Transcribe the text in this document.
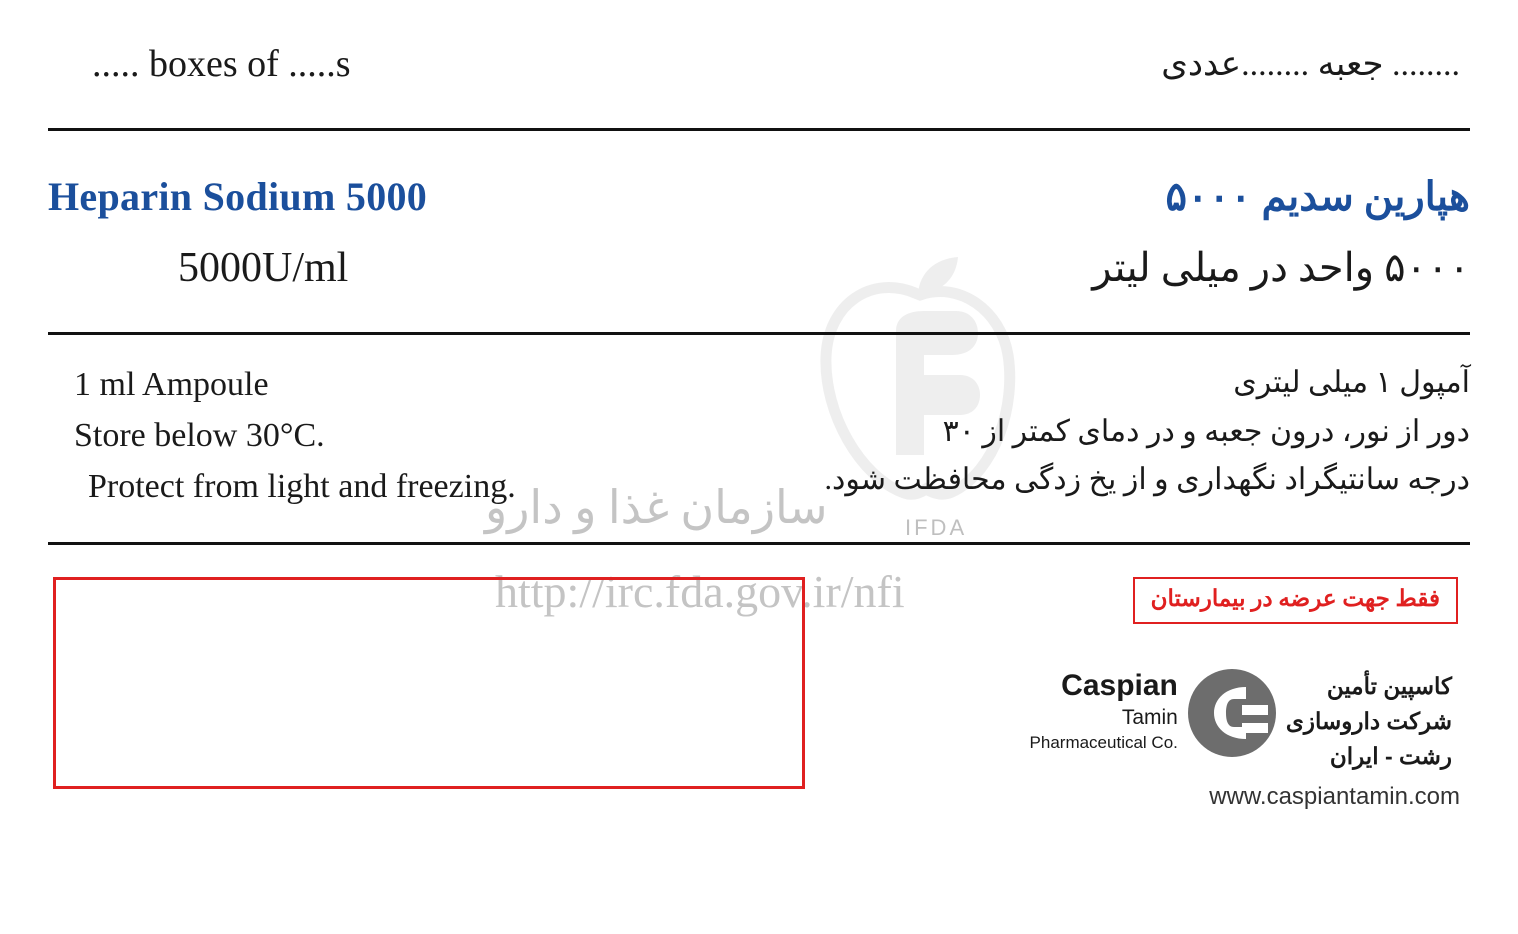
IFDA
سازمان غذا و دارو
http://irc.fda.gov.ir/nfi
..... boxes of .....s	........ جعبه ........عددی
Heparin Sodium 5000	هپارین سدیم ۵۰۰۰
5000U/ml	۵۰۰۰ واحد در میلی لیتر
1 ml Ampoule
Store below 30°C.
Protect from light and freezing.
آمپول ۱ میلی لیتری
دور از نور، درون جعبه و در دمای کمتر از ۳۰
درجه سانتیگراد نگهداری و از یخ زدگی محافظت شود.
فقط جهت عرضه در بیمارستان
کاسپین تأمین
شرکت داروسازی
رشت - ایران
Caspian
Tamin
Pharmaceutical Co.
www.caspiantamin.com
